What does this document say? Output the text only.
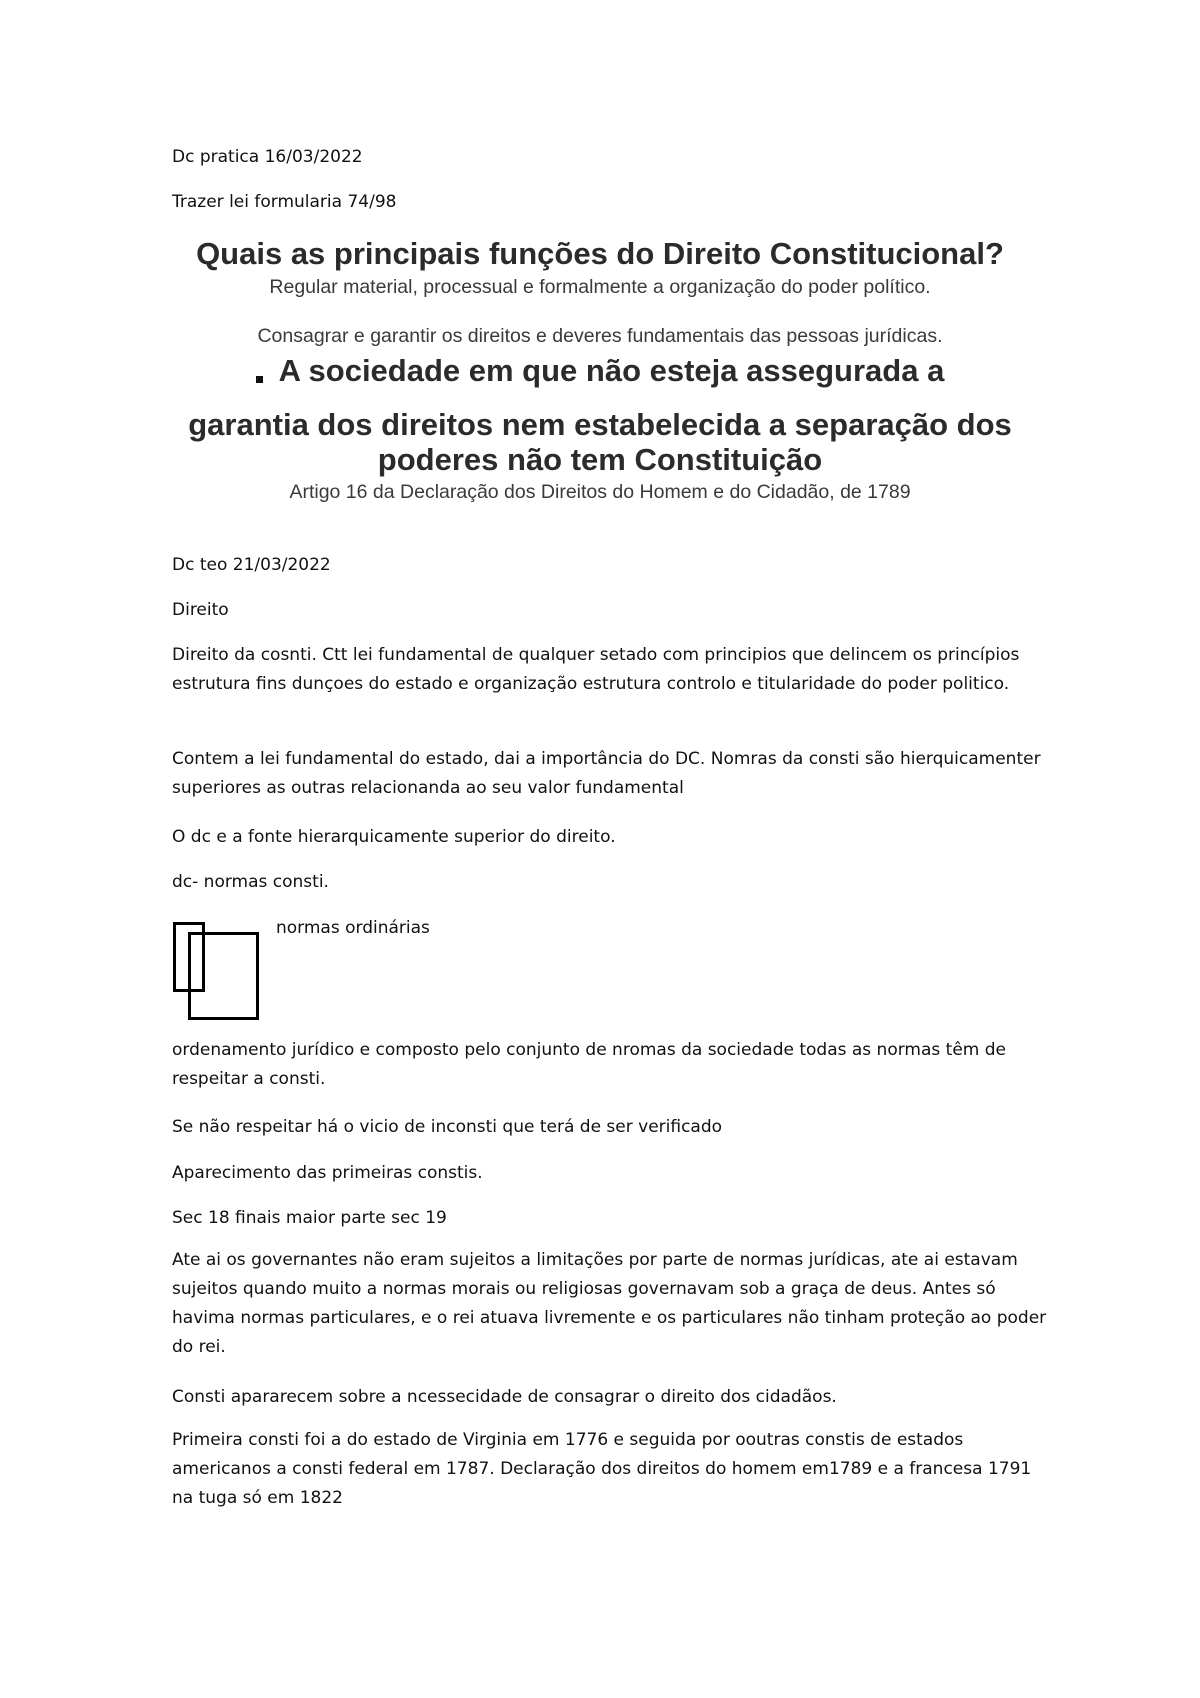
Dc pratica 16/03/2022
Trazer lei formularia 74/98
Quais as principais funções do Direito Constitucional?
Regular material, processual e formalmente a organização do poder político.
Consagrar e garantir os direitos e deveres fundamentais das pessoas jurídicas.
A sociedade em que não esteja assegurada a
garantia dos direitos nem estabelecida a separação dos
poderes não tem Constituição
Artigo 16 da Declaração dos Direitos do Homem e do Cidadão, de 1789
Dc teo 21/03/2022
Direito
Direito da cosnti. Ctt lei fundamental de qualquer setado com principios que delincem os princípios estrutura fins dunçoes do estado e organização estrutura controlo e titularidade do poder politico.
Contem a lei fundamental do estado, dai a importância do DC. Nomras da consti são hierquicamenter superiores as outras relacionanda ao seu valor fundamental
O dc e a fonte hierarquicamente superior do direito.
dc- normas consti.
normas ordinárias
ordenamento jurídico e composto pelo conjunto de nromas da sociedade todas as normas têm de respeitar a consti.
Se não respeitar há o vicio de inconsti que terá de ser verificado
Aparecimento das primeiras constis.
Sec 18 finais maior parte sec 19
Ate ai os governantes não eram sujeitos a limitações por parte de normas jurídicas, ate ai estavam sujeitos quando muito a normas morais ou religiosas governavam sob a graça de deus. Antes só havima normas particulares, e o rei atuava livremente e os particulares não tinham proteção ao poder do rei.
Consti apararecem sobre a ncessecidade de consagrar o direito dos cidadãos.
Primeira consti foi a do estado de Virginia em 1776 e seguida por ooutras constis de estados americanos a consti federal em 1787. Declaração dos direitos do homem em1789 e a francesa 1791 na tuga só em 1822
